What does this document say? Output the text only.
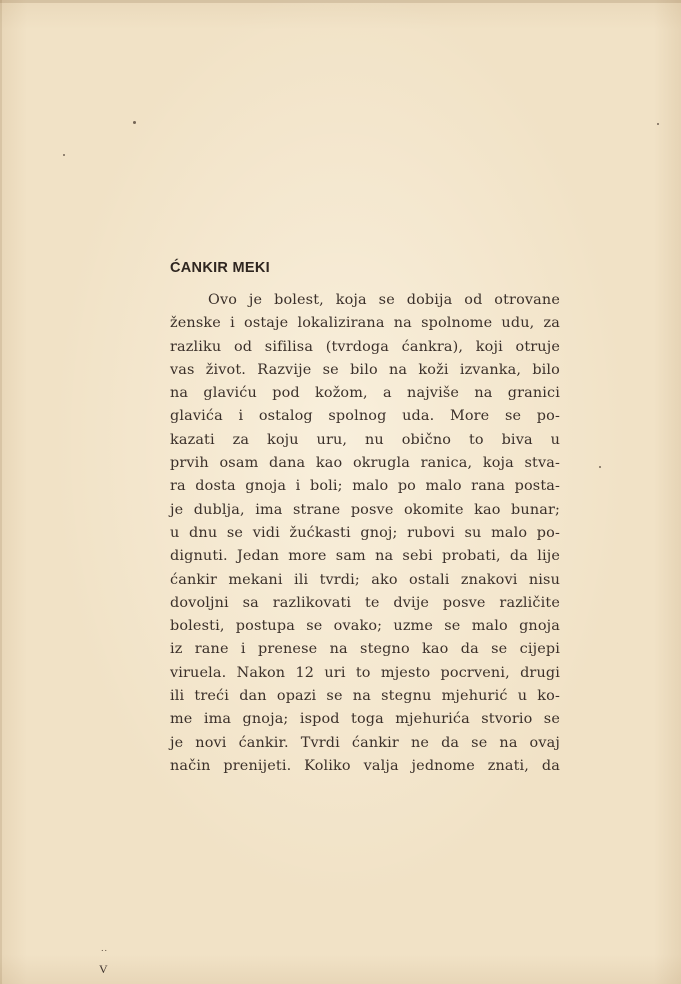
ĆANKIR MEKI
Ovo je bolest, koja se dobija od otrovane
ženske i ostaje lokalizirana na spolnome udu, za
razliku od sifilisa (tvrdoga ćankra), koji otruje
vas život. Razvije se bilo na koži izvanka, bilo
na glaviću pod kožom, a najviše na granici
glavića i ostalog spolnog uda. More se po-
kazati za koju uru, nu obično to biva u
prvih osam dana kao okrugla ranica, koja stva-
ra dosta gnoja i boli; malo po malo rana posta-
je dublja, ima strane posve okomite kao bunar;
u dnu se vidi žućkasti gnoj; rubovi su malo po-
dignuti. Jedan more sam na sebi probati, da lije
ćankir mekani ili tvrdi; ako ostali znakovi nisu
dovoljni sa razlikovati te dvije posve različite
bolesti, postupa se ovako; uzme se malo gnoja
iz rane i prenese na stegno kao da se cijepi
viruela. Nakon 12 uri to mjesto pocrveni, drugi
ili treći dan opazi se na stegnu mjehurić u ko-
me ima gnoja; ispod toga mjehurića stvorio se
je novi ćankir. Tvrdi ćankir ne da se na ovaj
način prenijeti. Koliko valja jednome znati, da
..
V
